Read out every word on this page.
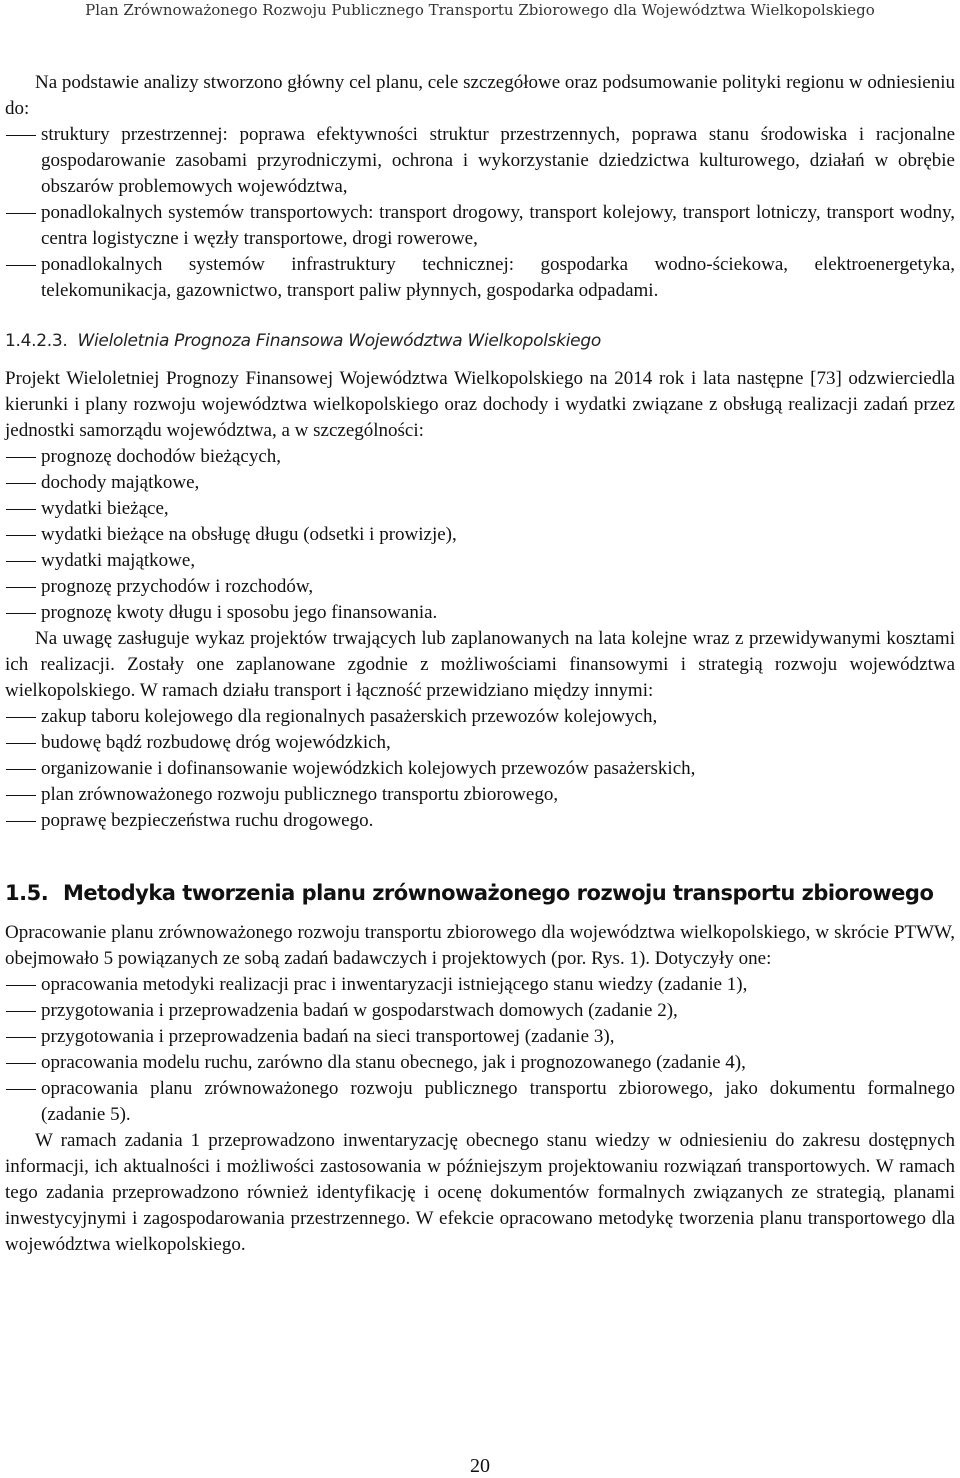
Plan Zrównoważonego Rozwoju Publicznego Transportu Zbiorowego dla Województwa Wielkopolskiego

Na podstawie analizy stworzono główny cel planu, cele szczegółowe oraz podsumowanie polityki regionu w odniesieniu do:

struktury przestrzennej: poprawa efektywności struktur przestrzennych, poprawa stanu środowiska i racjonalne gospodarowanie zasobami przyrodniczymi, ochrona i wykorzystanie dziedzictwa kulturowego, działań w obrębie obszarów problemowych województwa,
ponadlokalnych systemów transportowych: transport drogowy, transport kolejowy, transport lotniczy, transport wodny, centra logistyczne i węzły transportowe, drogi rowerowe,
ponadlokalnych systemów infrastruktury technicznej: gospodarka wodno-ściekowa, elektroenergetyka, telekomunikacja, gazownictwo, transport paliw płynnych, gospodarka odpadami.
1.4.2.3. Wieloletnia Prognoza Finansowa Województwa Wielkopolskiego

Projekt Wieloletniej Prognozy Finansowej Województwa Wielkopolskiego na 2014 rok i lata następne [73] odzwierciedla kierunki i plany rozwoju województwa wielkopolskiego oraz dochody i wydatki związane z obsługą realizacji zadań przez jednostki samorządu województwa, a w szczególności:

prognozę dochodów bieżących,
dochody majątkowe,
wydatki bieżące,
wydatki bieżące na obsługę długu (odsetki i prowizje),
wydatki majątkowe,
prognozę przychodów i rozchodów,
prognozę kwoty długu i sposobu jego finansowania.

Na uwagę zasługuje wykaz projektów trwających lub zaplanowanych na lata kolejne wraz z przewidywanymi kosztami ich realizacji. Zostały one zaplanowane zgodnie z możliwościami finansowymi i strategią rozwoju województwa wielkopolskiego. W ramach działu transport i łączność przewidziano między innymi:

zakup taboru kolejowego dla regionalnych pasażerskich przewozów kolejowych,
budowę bądź rozbudowę dróg wojewódzkich,
organizowanie i dofinansowanie wojewódzkich kolejowych przewozów pasażerskich,
plan zrównoważonego rozwoju publicznego transportu zbiorowego,
poprawę bezpieczeństwa ruchu drogowego.
1.5. Metodyka tworzenia planu zrównoważonego rozwoju transportu zbiorowego

Opracowanie planu zrównoważonego rozwoju transportu zbiorowego dla województwa wielkopolskiego, w skrócie PTWW, obejmowało 5 powiązanych ze sobą zadań badawczych i projektowych (por. Rys. 1). Dotyczyły one:

opracowania metodyki realizacji prac i inwentaryzacji istniejącego stanu wiedzy (zadanie 1),
przygotowania i przeprowadzenia badań w gospodarstwach domowych (zadanie 2),
przygotowania i przeprowadzenia badań na sieci transportowej (zadanie 3),
opracowania modelu ruchu, zarówno dla stanu obecnego, jak i prognozowanego (zadanie 4),
opracowania planu zrównoważonego rozwoju publicznego transportu zbiorowego, jako dokumentu formalnego (zadanie 5).

W ramach zadania 1 przeprowadzono inwentaryzację obecnego stanu wiedzy w odniesieniu do zakresu dostępnych informacji, ich aktualności i możliwości zastosowania w późniejszym projektowaniu rozwiązań transportowych. W ramach tego zadania przeprowadzono również identyfikację i ocenę dokumentów formalnych związanych ze strategią, planami inwestycyjnymi i zagospodarowania przestrzennego. W efekcie opracowano metodykę tworzenia planu transportowego dla województwa wielkopolskiego.

20
